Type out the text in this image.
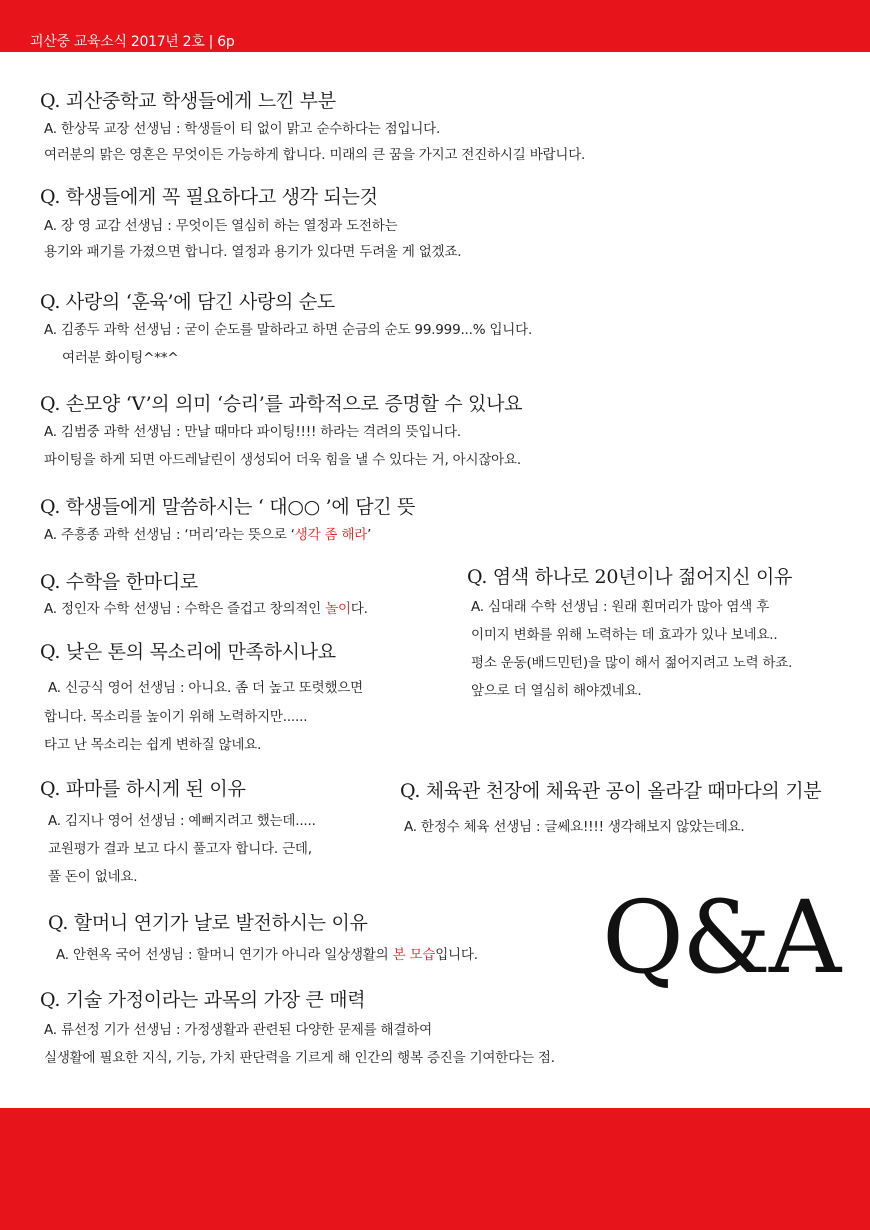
괴산중 교육소식 2017년 2호 | 6p
Q. 괴산중학교 학생들에게 느낀 부분
A. 한상묵 교장 선생님 : 학생들이 티 없이 맑고 순수하다는 점입니다.
여러분의 맑은 영혼은 무엇이든 가능하게 합니다. 미래의 큰 꿈을 가지고 전진하시길 바랍니다.
Q. 학생들에게 꼭 필요하다고 생각 되는것
A. 장 영 교감 선생님 : 무엇이든 열심히 하는 열정과 도전하는
용기와 패기를 가졌으면 합니다. 열정과 용기가 있다면 두려울 게 없겠죠.
Q. 사랑의 ‘훈육’에 담긴 사랑의 순도
A. 김종두 과학 선생님 : 굳이 순도를 말하라고 하면 순금의 순도 99.999...% 입니다.
여러분 화이팅^**^
Q. 손모양 ‘V’의 의미 ‘승리’를 과학적으로 증명할 수 있나요
A. 김범중 과학 선생님 : 만날 때마다 파이팅!!!! 하라는 격려의 뜻입니다.
파이팅을 하게 되면 아드레날린이 생성되어 더욱 힘을 낼 수 있다는 거, 아시잖아요.
Q. 학생들에게 말씀하시는 ‘ 대○○ ’에 담긴 뜻
A. 주흥종 과학 선생님 : ‘머리’라는 뜻으로 ‘생각 좀 해라’
Q. 수학을 한마디로
A. 정인자 수학 선생님 : 수학은 즐겁고 창의적인 놀이다.
Q. 염색 하나로 20년이나 젊어지신 이유
A. 심대래 수학 선생님 : 원래 흰머리가 많아 염색 후
이미지 변화를 위해 노력하는 데 효과가 있나 보네요..
평소 운동(배드민턴)을 많이 해서 젊어지려고 노력 하죠.
앞으로 더 열심히 해야겠네요.
Q. 낮은 톤의 목소리에 만족하시나요
A. 신긍식 영어 선생님 : 아니요. 좀 더 높고 또렷했으면
합니다. 목소리를 높이기 위해 노력하지만......
타고 난 목소리는 쉽게 변하질 않네요.
Q. 파마를 하시게 된 이유
A. 김지나 영어 선생님 : 예뻐지려고 했는데.....
교원평가 결과 보고 다시 풀고자 합니다. 근데,
풀 돈이 없네요.
Q. 체육관 천장에 체육관 공이 올라갈 때마다의 기분
A. 한정수 체육 선생님 : 글쎄요!!!! 생각해보지 않았는데요.
Q. 할머니 연기가 날로 발전하시는 이유
A. 안현옥 국어 선생님 : 할머니 연기가 아니라 일상생활의 본 모습입니다.
Q. 기술 가정이라는 과목의 가장 큰 매력
A. 류선정 기가 선생님 : 가정생활과 관련된 다양한 문제를 해결하여
실생활에 필요한 지식, 기능, 가치 판단력을 기르게 해 인간의 행복 증진을 기여한다는 점.
Q&A
